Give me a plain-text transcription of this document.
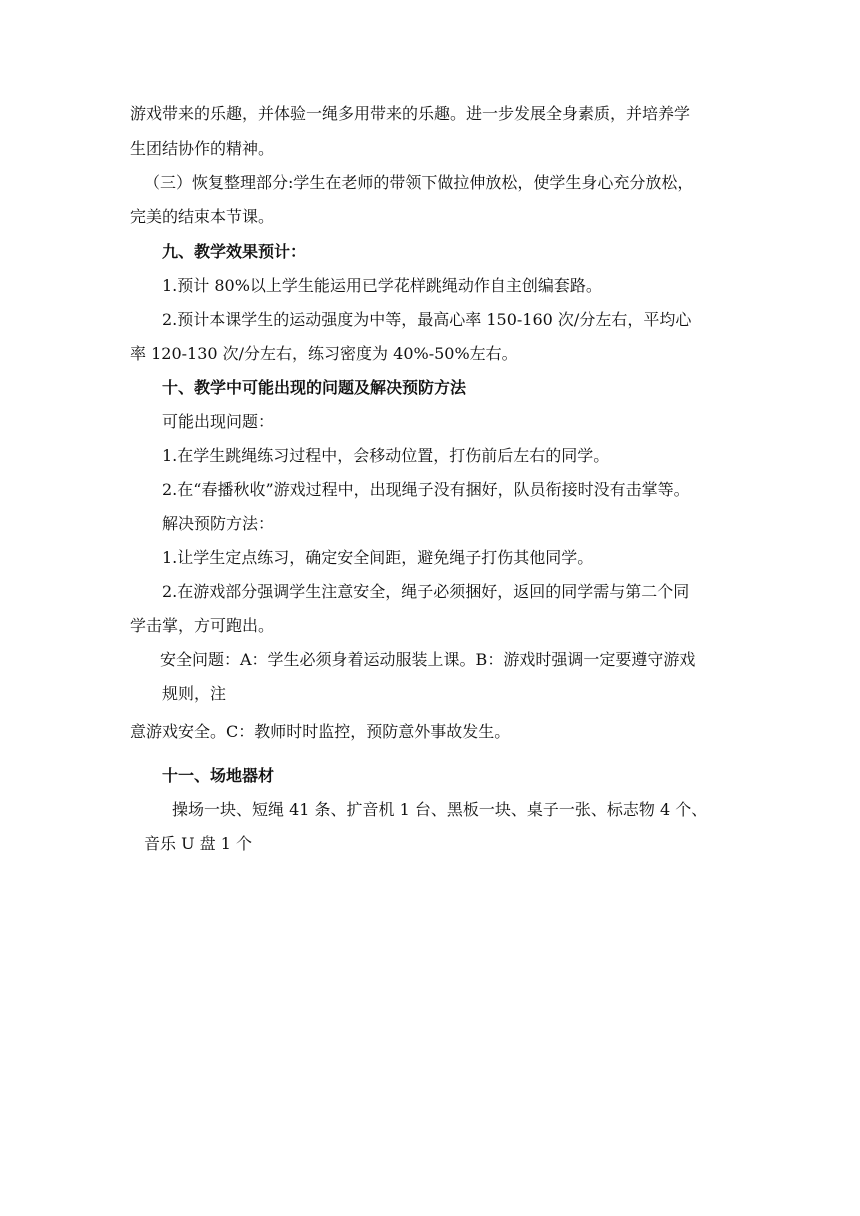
游戏带来的乐趣，并体验一绳多用带来的乐趣。进一步发展全身素质，并培养学
生团结协作的精神。
（三）恢复整理部分:学生在老师的带领下做拉伸放松，使学生身心充分放松，
完美的结束本节课。
九、教学效果预计：
1.预计 80%以上学生能运用已学花样跳绳动作自主创编套路。
2.预计本课学生的运动强度为中等，最高心率 150-160 次/分左右，平均心
率 120-130 次/分左右，练习密度为 40%-50%左右。
十、教学中可能出现的问题及解决预防方法
可能出现问题：
1.在学生跳绳练习过程中，会移动位置，打伤前后左右的同学。
2.在“春播秋收”游戏过程中，出现绳子没有捆好，队员衔接时没有击掌等。
解决预防方法：
1.让学生定点练习，确定安全间距，避免绳子打伤其他同学。
2.在游戏部分强调学生注意安全，绳子必须捆好，返回的同学需与第二个同
学击掌，方可跑出。
安全问题：A：学生必须身着运动服装上课。B：游戏时强调一定要遵守游戏
规则，注
意游戏安全。C：教师时时监控，预防意外事故发生。
十一、场地器材
操场一块、短绳 41 条、扩音机 1 台、黑板一块、桌子一张、标志物 4 个、
音乐 U 盘 1 个
